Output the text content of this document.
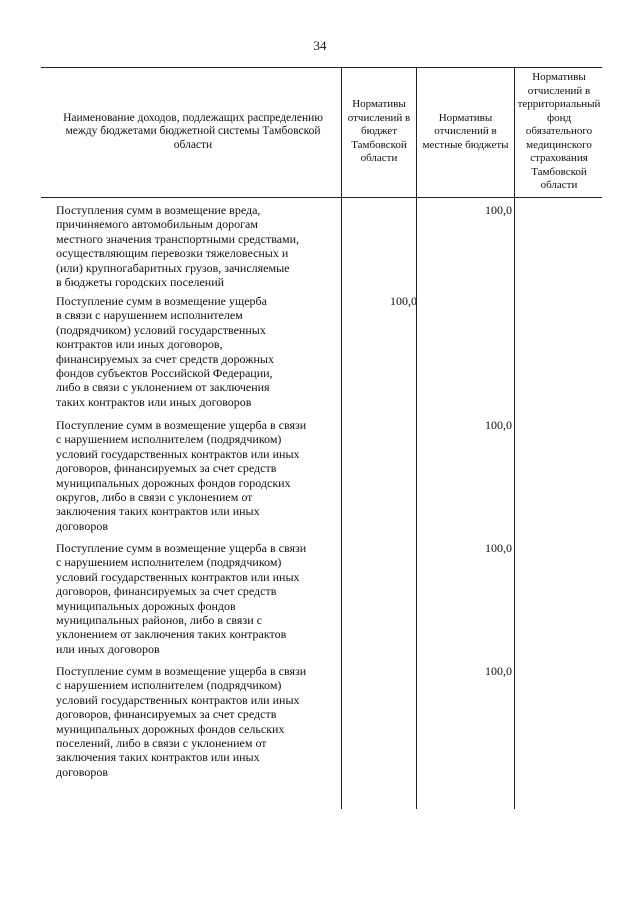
34
Наименование доходов, подлежащих распределению между бюджетами бюджетной системы Тамбовской области
Нормативы отчислений в бюджет Тамбовской области
Нормативы отчислений в местные бюджеты
Нормативы отчислений в территориальный фонд обязательного медицинского страхования Тамбовской области
Поступления сумм в возмещение вреда,
причиняемого автомобильным дорогам
местного значения транспортными средствами,
осуществляющим перевозки тяжеловесных и
(или) крупногабаритных грузов, зачисляемые
в бюджеты городских поселений
100,0
Поступление сумм в возмещение ущерба
в связи с нарушением исполнителем
(подрядчиком) условий государственных
контрактов или иных договоров,
финансируемых за счет средств дорожных
фондов субъектов Российской Федерации,
либо в связи с уклонением от заключения
таких контрактов или иных договоров
100,0
Поступление сумм в возмещение ущерба в связи
с нарушением исполнителем (подрядчиком)
условий государственных контрактов или иных
договоров, финансируемых за счет средств
муниципальных дорожных фондов городских
округов, либо в связи с уклонением от
заключения таких контрактов или иных
договоров
100,0
Поступление сумм в возмещение ущерба в связи
с нарушением исполнителем (подрядчиком)
условий государственных контрактов или иных
договоров, финансируемых за счет средств
муниципальных дорожных фондов
муниципальных районов, либо в связи с
уклонением от заключения таких контрактов
или иных договоров
100,0
Поступление сумм в возмещение ущерба в связи
с нарушением исполнителем (подрядчиком)
условий государственных контрактов или иных
договоров, финансируемых за счет средств
муниципальных дорожных фондов сельских
поселений, либо в связи с уклонением от
заключения таких контрактов или иных
договоров
100,0
